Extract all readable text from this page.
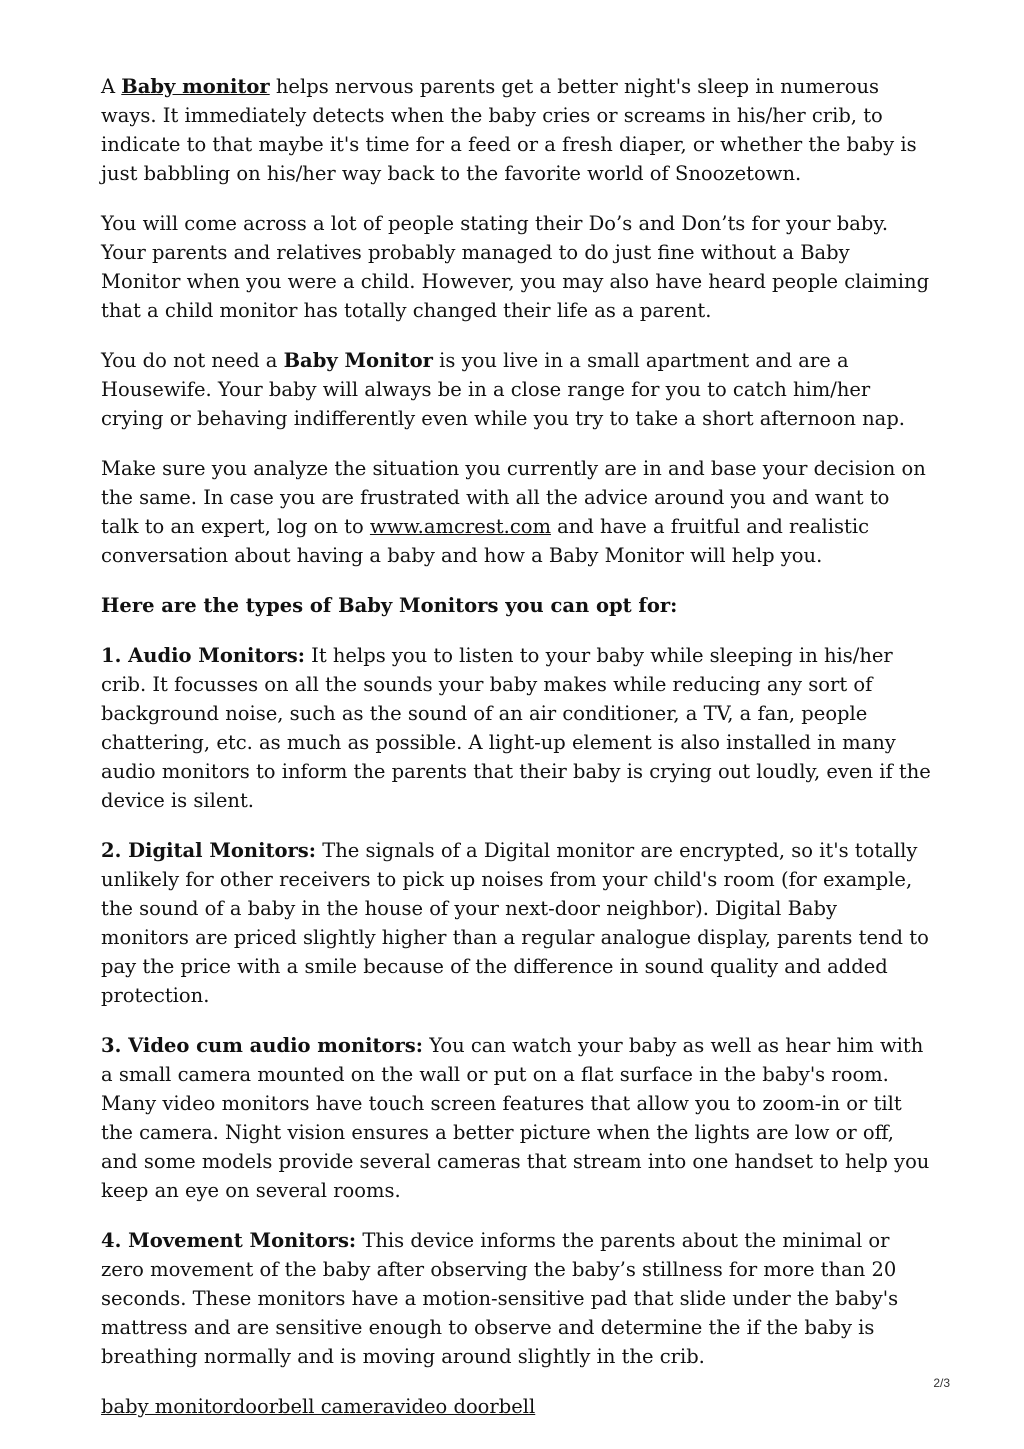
A Baby monitor helps nervous parents get a better night's sleep in numerous ways. It immediately detects when the baby cries or screams in his/her crib, to indicate to that maybe it's time for a feed or a fresh diaper, or whether the baby is just babbling on his/her way back to the favorite world of Snoozetown.

You will come across a lot of people stating their Do’s and Don’ts for your baby. Your parents and relatives probably managed to do just fine without a Baby Monitor when you were a child. However, you may also have heard people claiming that a child monitor has totally changed their life as a parent.

You do not need a Baby Monitor is you live in a small apartment and are a Housewife. Your baby will always be in a close range for you to catch him/her crying or behaving indifferently even while you try to take a short afternoon nap.

Make sure you analyze the situation you currently are in and base your decision on the same. In case you are frustrated with all the advice around you and want to talk to an expert, log on to www.amcrest.com and have a fruitful and realistic conversation about having a baby and how a Baby Monitor will help you.

Here are the types of Baby Monitors you can opt for:

1. Audio Monitors: It helps you to listen to your baby while sleeping in his/her crib. It focusses on all the sounds your baby makes while reducing any sort of background noise, such as the sound of an air conditioner, a TV, a fan, people chattering, etc. as much as possible. A light-up element is also installed in many audio monitors to inform the parents that their baby is crying out loudly, even if the device is silent.

2. Digital Monitors: The signals of a Digital monitor are encrypted, so it's totally unlikely for other receivers to pick up noises from your child's room (for example, the sound of a baby in the house of your next-door neighbor). Digital Baby monitors are priced slightly higher than a regular analogue display, parents tend to pay the price with a smile because of the difference in sound quality and added protection.

3. Video cum audio monitors: You can watch your baby as well as hear him with a small camera mounted on the wall or put on a flat surface in the baby's room. Many video monitors have touch screen features that allow you to zoom-in or tilt the camera. Night vision ensures a better picture when the lights are low or off, and some models provide several cameras that stream into one handset to help you keep an eye on several rooms.

4. Movement Monitors: This device informs the parents about the minimal or zero movement of the baby after observing the baby’s stillness for more than 20 seconds. These monitors have a motion-sensitive pad that slide under the baby's mattress and are sensitive enough to observe and determine the if the baby is breathing normally and is moving around slightly in the crib.

baby monitordoorbell cameravideo doorbell

2/3
